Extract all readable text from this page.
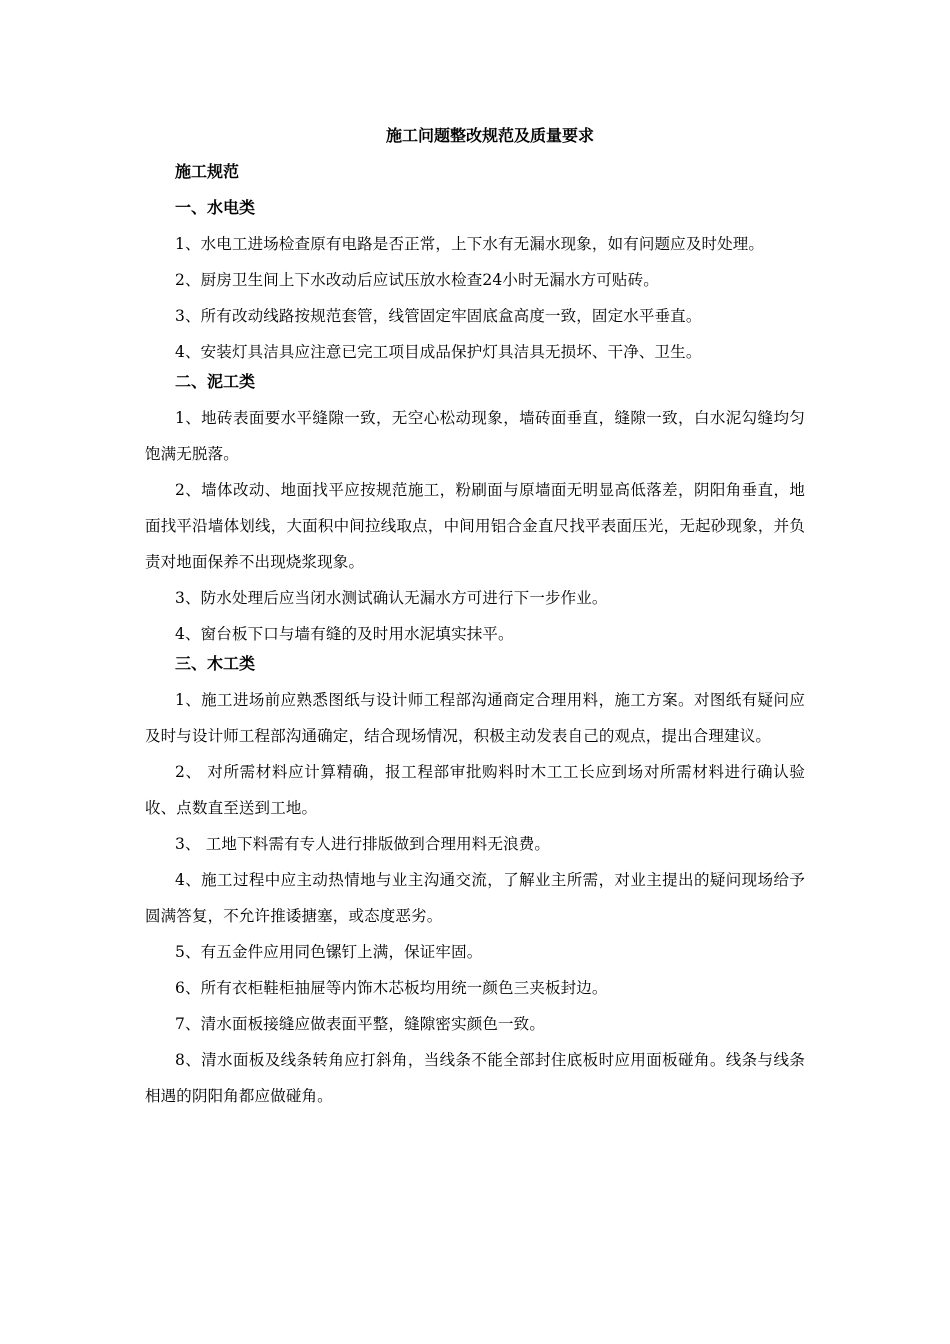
施工问题整改规范及质量要求

施工规范

一、水电类

1、水电工进场检查原有电路是否正常，上下水有无漏水现象，如有问题应及时处理。

2、厨房卫生间上下水改动后应试压放水检查24小时无漏水方可贴砖。

3、所有改动线路按规范套管，线管固定牢固底盒高度一致，固定水平垂直。

4、安装灯具洁具应注意已完工项目成品保护灯具洁具无损坏、干净、卫生。

二、泥工类

1、地砖表面要水平缝隙一致，无空心松动现象，墙砖面垂直，缝隙一致，白水泥勾缝均匀饱满无脱落。

2、墙体改动、地面找平应按规范施工，粉刷面与原墙面无明显高低落差，阴阳角垂直，地面找平沿墙体划线，大面积中间拉线取点，中间用铝合金直尺找平表面压光，无起砂现象，并负责对地面保养不出现烧浆现象。

3、防水处理后应当闭水测试确认无漏水方可进行下一步作业。

4、窗台板下口与墙有缝的及时用水泥填实抹平。

三、木工类

1、施工进场前应熟悉图纸与设计师工程部沟通商定合理用料，施工方案。对图纸有疑问应及时与设计师工程部沟通确定，结合现场情况，积极主动发表自己的观点，提出合理建议。

2、 对所需材料应计算精确，报工程部审批购料时木工工长应到场对所需材料进行确认验收、点数直至送到工地。

3、 工地下料需有专人进行排版做到合理用料无浪费。

4、施工过程中应主动热情地与业主沟通交流，了解业主所需，对业主提出的疑问现场给予圆满答复，不允许推诿搪塞，或态度恶劣。

5、有五金件应用同色镙钉上满，保证牢固。

6、所有衣柜鞋柜抽屉等内饰木芯板均用统一颜色三夹板封边。

7、清水面板接缝应做表面平整，缝隙密实颜色一致。

8、清水面板及线条转角应打斜角，当线条不能全部封住底板时应用面板碰角。线条与线条相遇的阴阳角都应做碰角。
